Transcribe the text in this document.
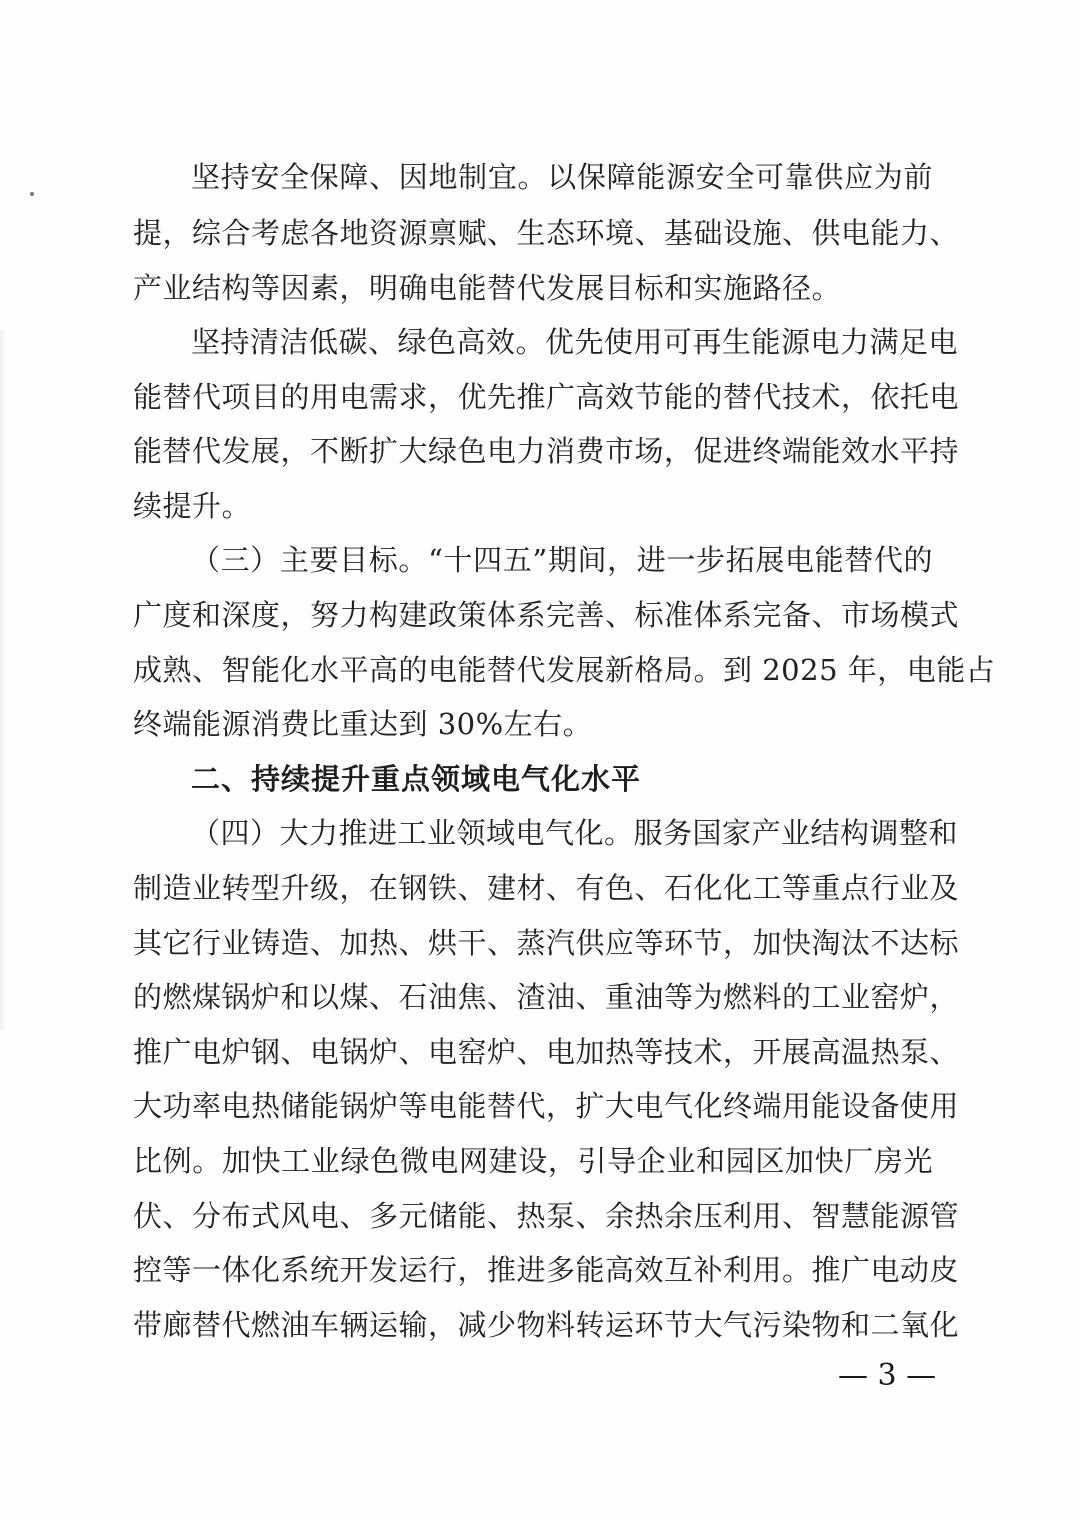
坚持安全保障、因地制宜。以保障能源安全可靠供应为前
提，综合考虑各地资源禀赋、生态环境、基础设施、供电能力、
产业结构等因素，明确电能替代发展目标和实施路径。
坚持清洁低碳、绿色高效。优先使用可再生能源电力满足电
能替代项目的用电需求，优先推广高效节能的替代技术，依托电
能替代发展，不断扩大绿色电力消费市场，促进终端能效水平持
续提升。
（三）主要目标。“十四五”期间，进一步拓展电能替代的
广度和深度，努力构建政策体系完善、标准体系完备、市场模式
成熟、智能化水平高的电能替代发展新格局。到 2025 年，电能占
终端能源消费比重达到 30%左右。
二、持续提升重点领域电气化水平
（四）大力推进工业领域电气化。服务国家产业结构调整和
制造业转型升级，在钢铁、建材、有色、石化化工等重点行业及
其它行业铸造、加热、烘干、蒸汽供应等环节，加快淘汰不达标
的燃煤锅炉和以煤、石油焦、渣油、重油等为燃料的工业窑炉，
推广电炉钢、电锅炉、电窑炉、电加热等技术，开展高温热泵、
大功率电热储能锅炉等电能替代，扩大电气化终端用能设备使用
比例。加快工业绿色微电网建设，引导企业和园区加快厂房光
伏、分布式风电、多元储能、热泵、余热余压利用、智慧能源管
控等一体化系统开发运行，推进多能高效互补利用。推广电动皮
带廊替代燃油车辆运输，减少物料转运环节大气污染物和二氧化
— 3 —
